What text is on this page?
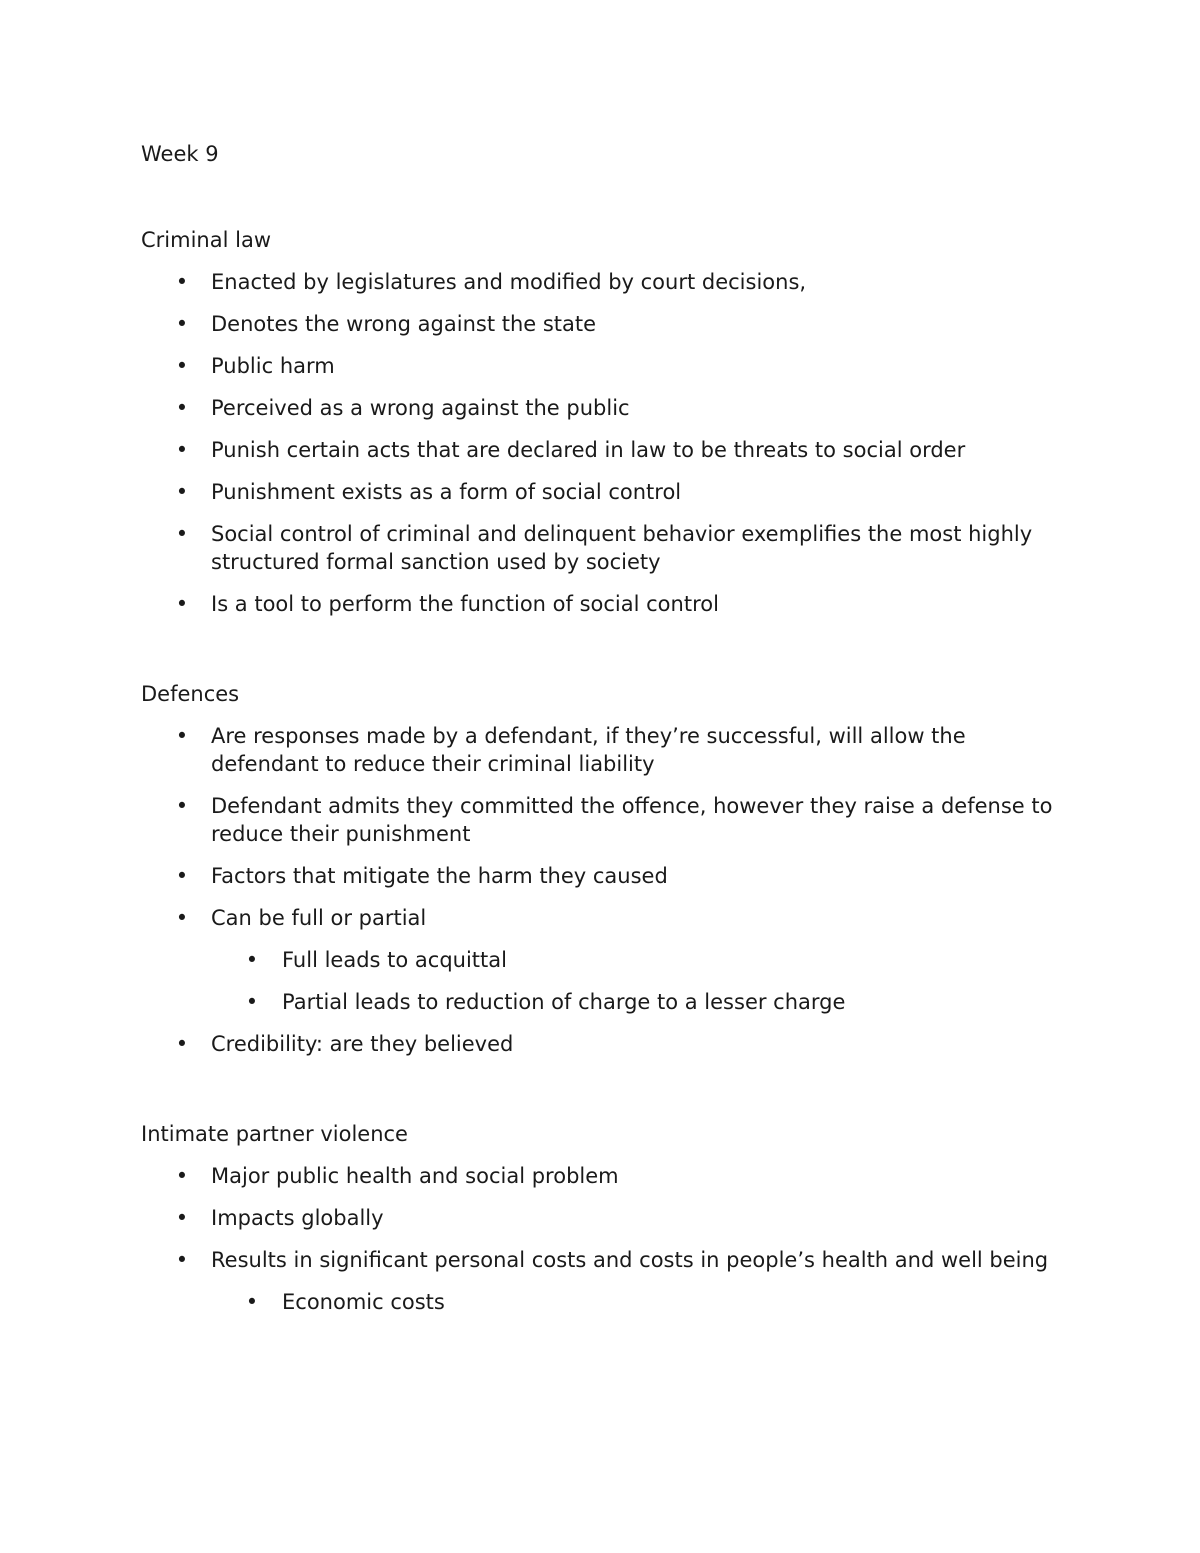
Week 9
Criminal law
• Enacted by legislatures and modified by court decisions,
• Denotes the wrong against the state
• Public harm
• Perceived as a wrong against the public
• Punish certain acts that are declared in law to be threats to social order
• Punishment exists as a form of social control
• Social control of criminal and delinquent behavior exemplifies the most highly structured formal sanction used by society
• Is a tool to perform the function of social control
Defences
• Are responses made by a defendant, if they’re successful, will allow the defendant to reduce their criminal liability
• Defendant admits they committed the offence, however they raise a defense to reduce their punishment
• Factors that mitigate the harm they caused
• Can be full or partial
• Full leads to acquittal
• Partial leads to reduction of charge to a lesser charge
• Credibility: are they believed
Intimate partner violence
• Major public health and social problem
• Impacts globally
• Results in significant personal costs and costs in people’s health and well being
• Economic costs
